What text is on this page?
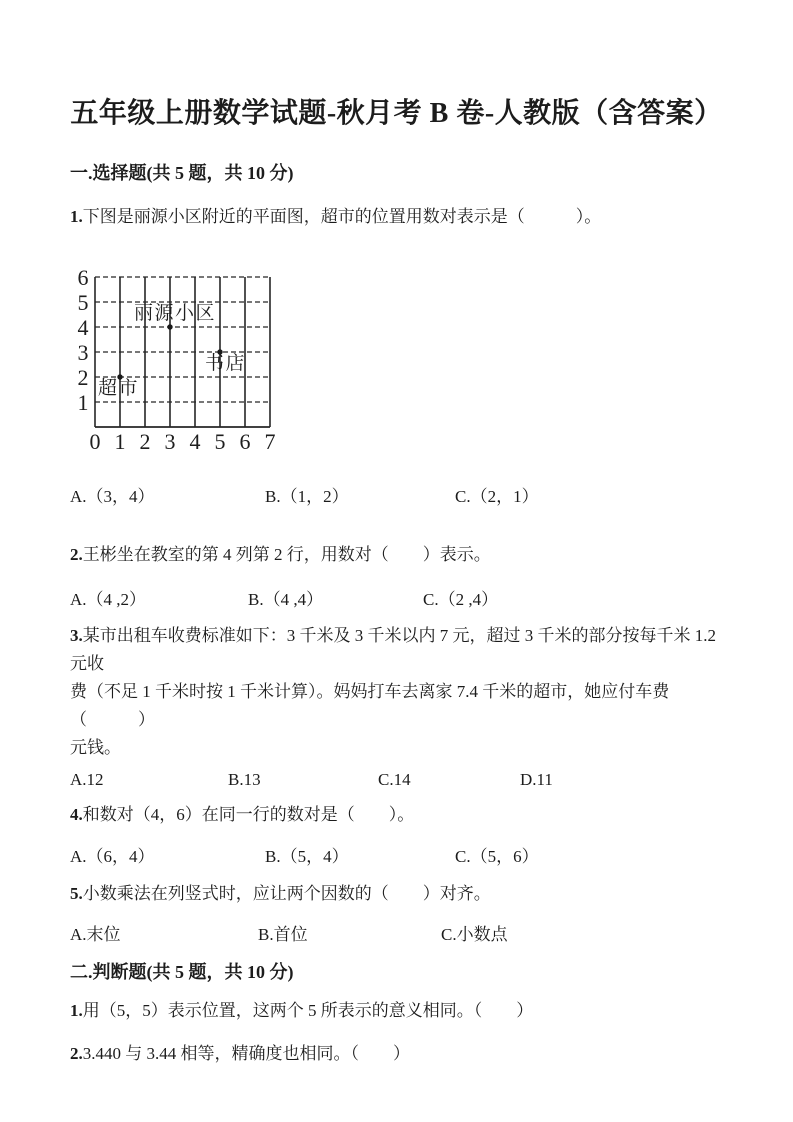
五年级上册数学试题-秋月考 B 卷-人教版（含答案）
一.选择题(共 5 题，共 10 分)

1.下图是丽源小区附近的平面图，超市的位置用数对表示是（　　　）。

6
5
4
3
2
1
0 1 2 3 4 5 6 7
超市
丽源小区
书店
A.（3，4）	B.（1，2）	C.（2，1）

2.王彬坐在教室的第 4 列第 2 行，用数对（　　）表示。

A.（4 ,2）	B.（4 ,4）	C.（2 ,4）
3.某市出租车收费标准如下：3 千米及 3 千米以内 7 元，超过 3 千米的部分按每千米 1.2 元收
费（不足 1 千米时按 1 千米计算）。妈妈打车去离家 7.4 千米的超市，她应付车费（　　　）
元钱。
A.12	B.13	C.14	D.11

4.和数对（4，6）在同一行的数对是（　　）。

A.（6，4）	B.（5，4）	C.（5，6）

5.小数乘法在列竖式时，应让两个因数的（　　）对齐。

A.末位	B.首位	C.小数点
二.判断题(共 5 题，共 10 分)

1.用（5，5）表示位置，这两个 5 所表示的意义相同。（　　）

2.3.440 与 3.44 相等，精确度也相同。（　　）
